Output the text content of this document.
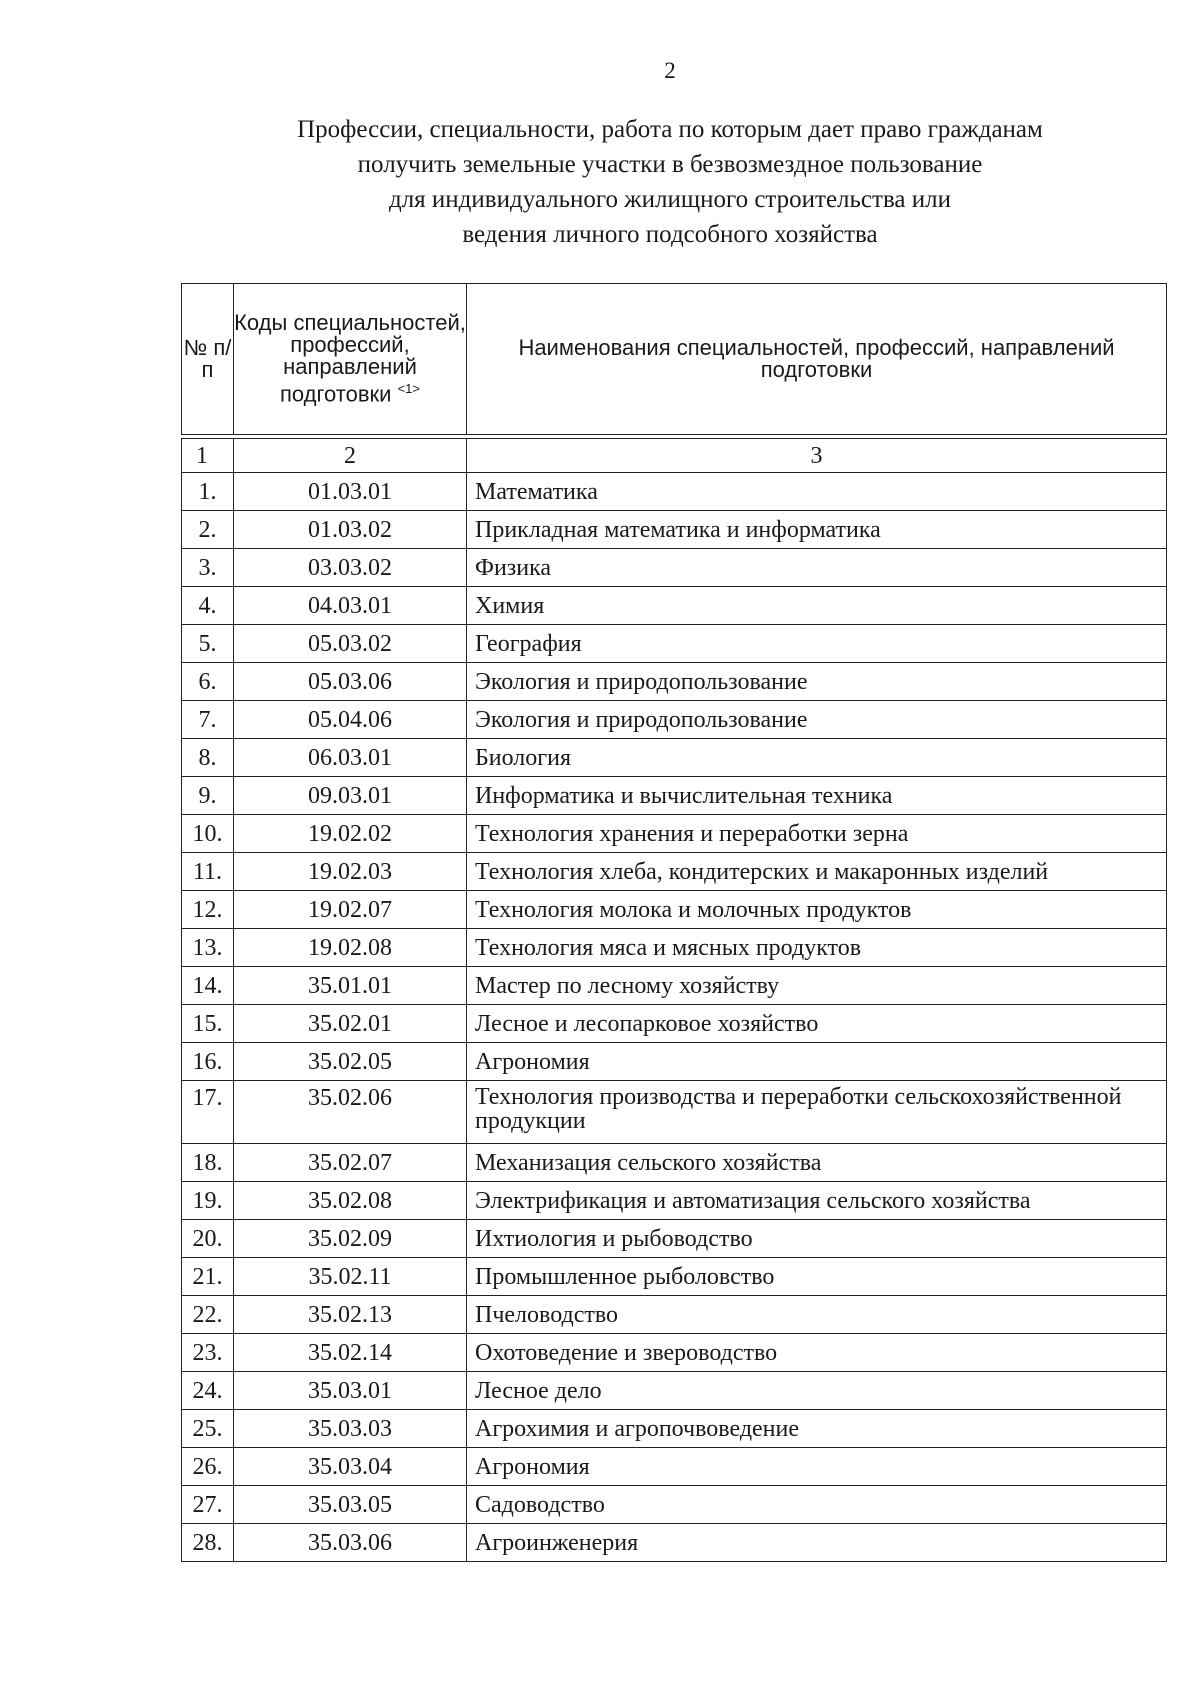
2
Профессии, специальности, работа по которым дает право гражданам
получить земельные участки в безвозмездное пользование
для индивидуального жилищного строительства или
ведения личного подсобного хозяйства
№ п/п	Коды специальностей, профессий, направлений подготовки $^{<1>}$	Наименования специальностей, профессий, направлений подготовки

1	2	3
1.	01.03.01	Математика
2.	01.03.02	Прикладная математика и информатика
3.	03.03.02	Физика
4.	04.03.01	Химия
5.	05.03.02	География
6.	05.03.06	Экология и природопользование
7.	05.04.06	Экология и природопользование
8.	06.03.01	Биология
9.	09.03.01	Информатика и вычислительная техника
10.	19.02.02	Технология хранения и переработки зерна
11.	19.02.03	Технология хлеба, кондитерских и макаронных изделий
12.	19.02.07	Технология молока и молочных продуктов
13.	19.02.08	Технология мяса и мясных продуктов
14.	35.01.01	Мастер по лесному хозяйству
15.	35.02.01	Лесное и лесопарковое хозяйство
16.	35.02.05	Агрономия
17.	35.02.06	Технология производства и переработки сельскохозяйственной продукции
18.	35.02.07	Механизация сельского хозяйства
19.	35.02.08	Электрификация и автоматизация сельского хозяйства
20.	35.02.09	Ихтиология и рыбоводство
21.	35.02.11	Промышленное рыболовство
22.	35.02.13	Пчеловодство
23.	35.02.14	Охотоведение и звероводство
24.	35.03.01	Лесное дело
25.	35.03.03	Агрохимия и агропочвоведение
26.	35.03.04	Агрономия
27.	35.03.05	Садоводство
28.	35.03.06	Агроинженерия
